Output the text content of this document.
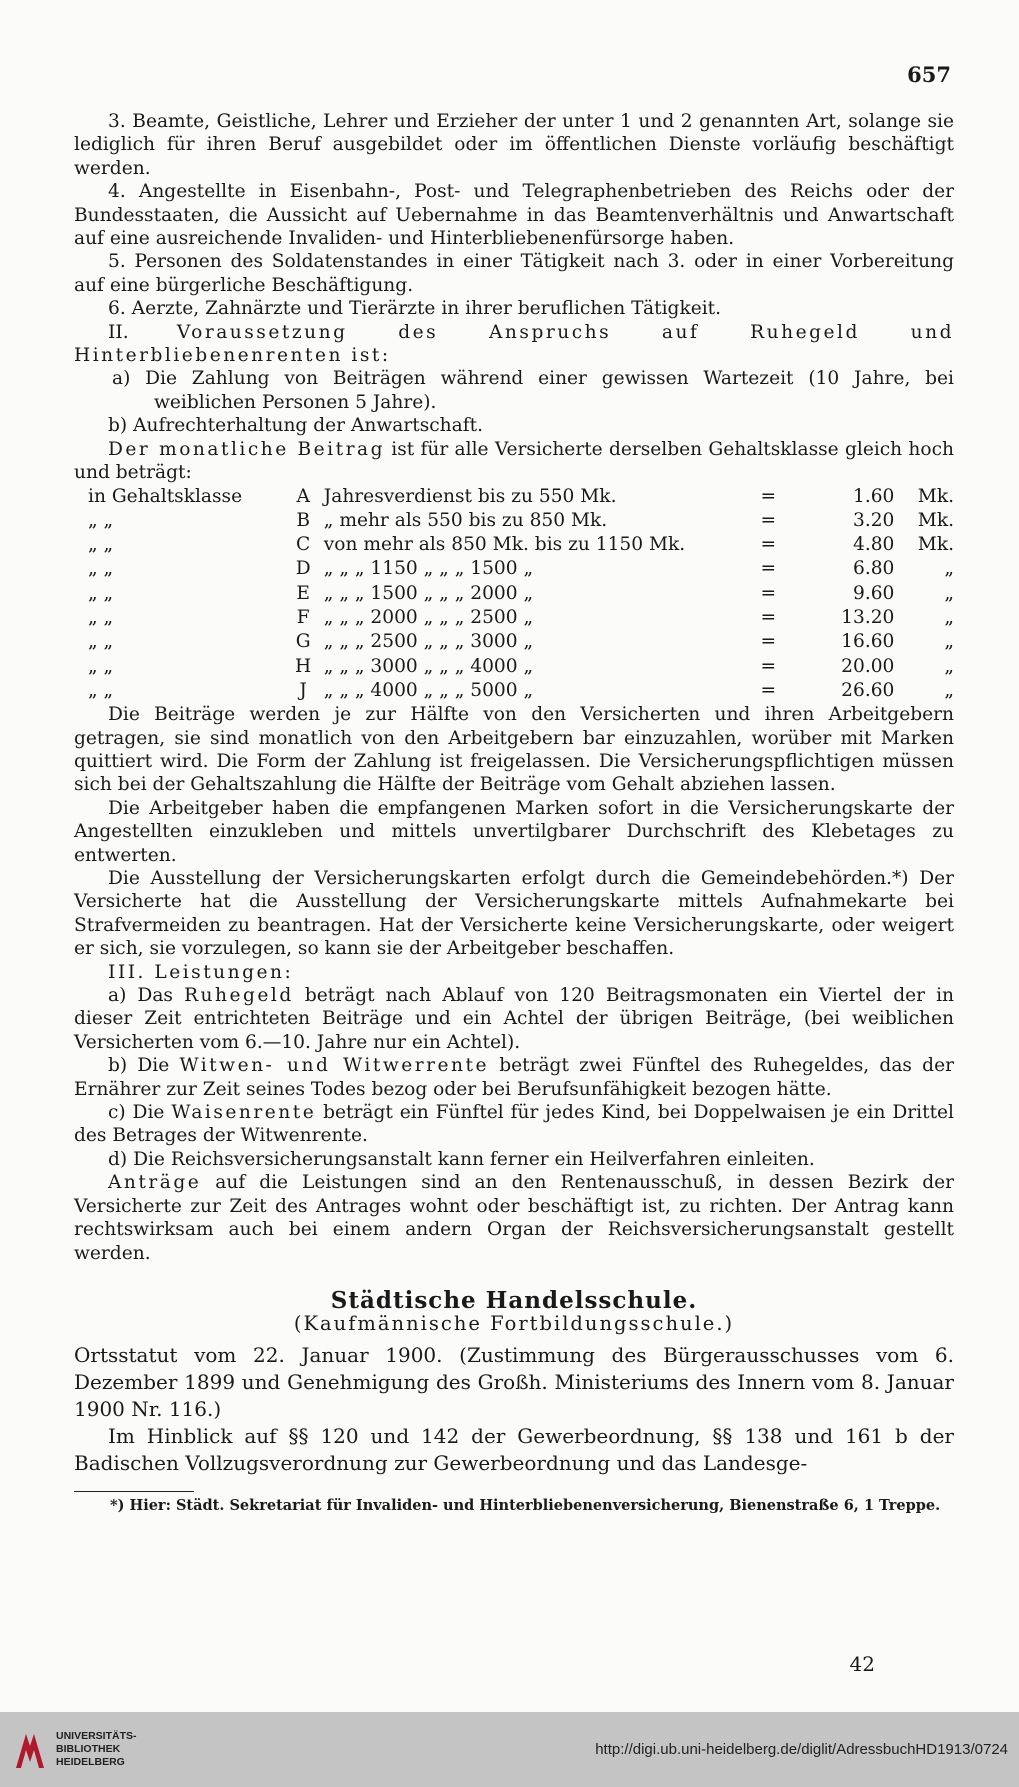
657

3. Beamte, Geistliche, Lehrer und Erzieher der unter 1 und 2 genannten Art, solange sie lediglich für ihren Beruf ausgebildet oder im öffentlichen Dienste vorläufig beschäftigt werden.

4. Angestellte in Eisenbahn-, Post- und Telegraphenbetrieben des Reichs oder der Bundesstaaten, die Aussicht auf Uebernahme in das Beamtenverhältnis und Anwartschaft auf eine ausreichende Invaliden- und Hinterbliebenenfürsorge haben.

5. Personen des Soldatenstandes in einer Tätigkeit nach 3. oder in einer Vorbereitung auf eine bürgerliche Beschäftigung.

6. Aerzte, Zahnärzte und Tierärzte in ihrer beruflichen Tätigkeit.

II.	Voraussetzung des Anspruchs auf Ruhegeld und Hinterbliebenenrenten ist:

a) Die Zahlung von Beiträgen während einer gewissen Wartezeit (10 Jahre, bei weiblichen Personen 5 Jahre).

b) Aufrechterhaltung der Anwartschaft.

Der monatliche Beitrag ist für alle Versicherte derselben Gehaltsklasse gleich hoch und beträgt:

in Gehaltsklasse	A	Jahresverdienst bis zu 550 Mk.	=	1.60	Mk.
„ „	B	„ mehr als 550 bis zu 850 Mk.	=	3.20	Mk.
„ „	C	von mehr als 850 Mk. bis zu 1150 Mk.	=	4.80	Mk.
„ „	D	„ „ „ 1150 „ „ „ 1500 „	=	6.80	„
„ „	E	„ „ „ 1500 „ „ „ 2000 „	=	9.60	„
„ „	F	„ „ „ 2000 „ „ „ 2500 „	=	13.20	„
„ „	G	„ „ „ 2500 „ „ „ 3000 „	=	16.60	„
„ „	H	„ „ „ 3000 „ „ „ 4000 „	=	20.00	„
„ „	J	„ „ „ 4000 „ „ „ 5000 „	=	26.60	„

Die Beiträge werden je zur Hälfte von den Versicherten und ihren Arbeitgebern getragen, sie sind monatlich von den Arbeitgebern bar einzuzahlen, worüber mit Marken quittiert wird. Die Form der Zahlung ist freigelassen. Die Versicherungspflichtigen müssen sich bei der Gehaltszahlung die Hälfte der Beiträge vom Gehalt abziehen lassen.

Die Arbeitgeber haben die empfangenen Marken sofort in die Versicherungskarte der Angestellten einzukleben und mittels unvertilgbarer Durchschrift des Klebetages zu entwerten.

Die Ausstellung der Versicherungskarten erfolgt durch die Gemeindebehörden.*) Der Versicherte hat die Ausstellung der Versicherungskarte mittels Aufnahmekarte bei Strafvermeiden zu beantragen. Hat der Versicherte keine Versicherungskarte, oder weigert er sich, sie vorzulegen, so kann sie der Arbeitgeber beschaffen.

III. Leistungen:

a) Das Ruhegeld beträgt nach Ablauf von 120 Beitragsmonaten ein Viertel der in dieser Zeit entrichteten Beiträge und ein Achtel der übrigen Beiträge, (bei weiblichen Versicherten vom 6.—10. Jahre nur ein Achtel).

b) Die Witwen- und Witwerrente beträgt zwei Fünftel des Ruhegeldes, das der Ernährer zur Zeit seines Todes bezog oder bei Berufsunfähigkeit bezogen hätte.

c) Die Waisenrente beträgt ein Fünftel für jedes Kind, bei Doppelwaisen je ein Drittel des Betrages der Witwenrente.

d) Die Reichsversicherungsanstalt kann ferner ein Heilverfahren einleiten.

Anträge auf die Leistungen sind an den Rentenausschuß, in dessen Bezirk der Versicherte zur Zeit des Antrages wohnt oder beschäftigt ist, zu richten. Der Antrag kann rechtswirksam auch bei einem andern Organ der Reichsversicherungsanstalt gestellt werden.

Städtische Handelsschule.

(Kaufmännische Fortbildungsschule.)

Ortsstatut vom 22. Januar 1900. (Zustimmung des Bürgerausschusses vom 6. Dezember 1899 und Genehmigung des Großh. Ministeriums des Innern vom 8. Januar 1900 Nr. 116.)

Im Hinblick auf §§ 120 und 142 der Gewerbeordnung, §§ 138 und 161 b der Badischen Vollzugsverordnung zur Gewerbeordnung und das Landesge-

*) Hier: Städt. Sekretariat für Invaliden- und Hinterbliebenenversicherung, Bienenstraße 6, 1 Treppe.

42
UNIVERSITÄTS-
BIBLIOTHEK
HEIDELBERG
http://digi.ub.uni-heidelberg.de/diglit/AdressbuchHD1913/0724
